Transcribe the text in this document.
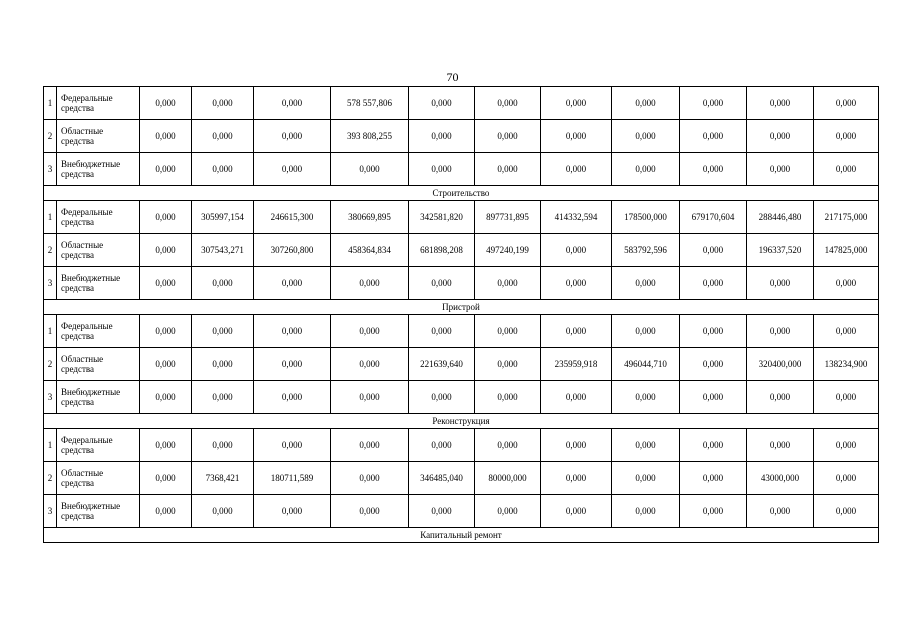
70
1	Федеральные средства	0,000	0,000	0,000	578 557,806	0,000	0,000	0,000	0,000	0,000	0,000	0,000
2	Областные средства	0,000	0,000	0,000	393 808,255	0,000	0,000	0,000	0,000	0,000	0,000	0,000
3	Внебюджетные средства	0,000	0,000	0,000	0,000	0,000	0,000	0,000	0,000	0,000	0,000	0,000
Строительство												
1	Федеральные средства	0,000	305997,154	246615,300	380669,895	342581,820	897731,895	414332,594	178500,000	679170,604	288446,480	217175,000
2	Областные средства	0,000	307543,271	307260,800	458364,834	681898,208	497240,199	0,000	583792,596	0,000	196337,520	147825,000
3	Внебюджетные средства	0,000	0,000	0,000	0,000	0,000	0,000	0,000	0,000	0,000	0,000	0,000
Пристрой												
1	Федеральные средства	0,000	0,000	0,000	0,000	0,000	0,000	0,000	0,000	0,000	0,000	0,000
2	Областные средства	0,000	0,000	0,000	0,000	221639,640	0,000	235959,918	496044,710	0,000	320400,000	138234,900
3	Внебюджетные средства	0,000	0,000	0,000	0,000	0,000	0,000	0,000	0,000	0,000	0,000	0,000
Реконструкция												
1	Федеральные средства	0,000	0,000	0,000	0,000	0,000	0,000	0,000	0,000	0,000	0,000	0,000
2	Областные средства	0,000	7368,421	180711,589	0,000	346485,040	80000,000	0,000	0,000	0,000	43000,000	0,000
3	Внебюджетные средства	0,000	0,000	0,000	0,000	0,000	0,000	0,000	0,000	0,000	0,000	0,000
Капитальный ремонт												
